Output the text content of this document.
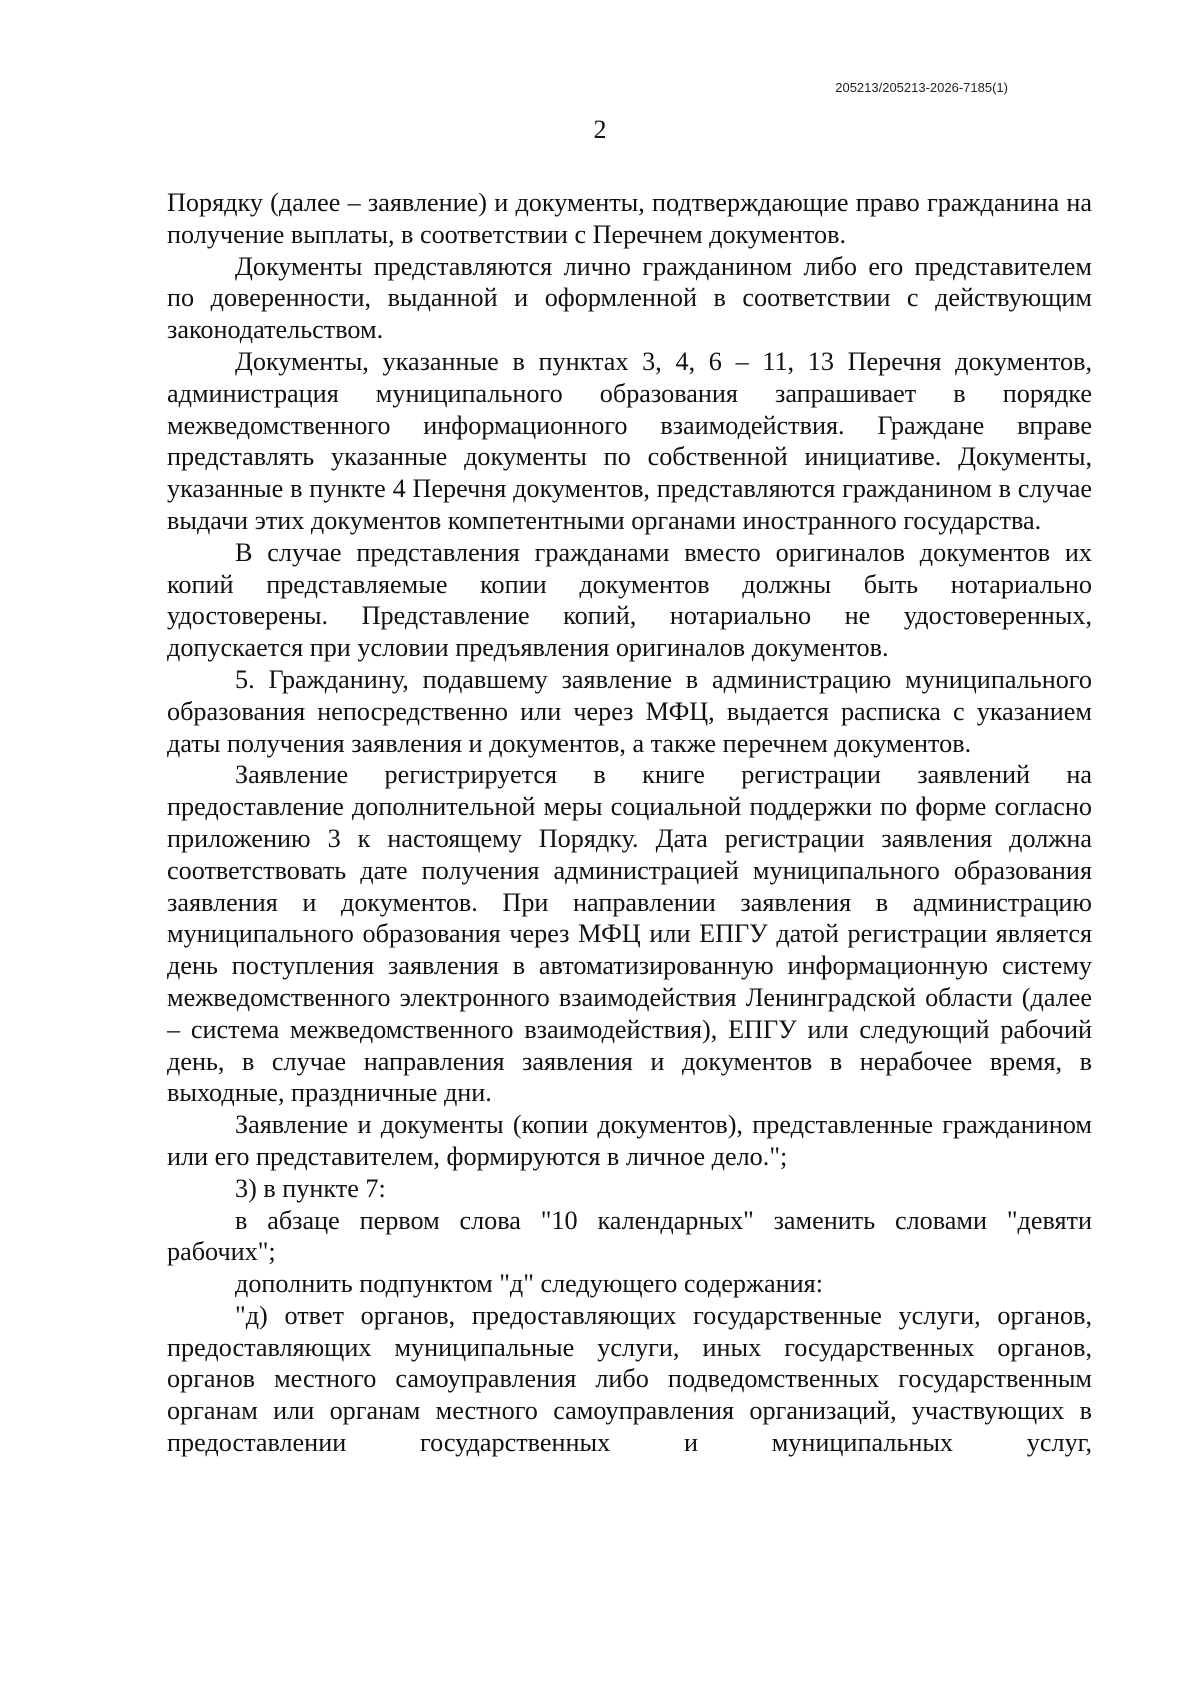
205213/205213-2026-7185(1)
2

Порядку (далее – заявление) и документы, подтверждающие право гражданина на получение выплаты, в соответствии с Перечнем документов.

Документы представляются лично гражданином либо его представителем по доверенности, выданной и оформленной в соответствии с действующим законодательством.

Документы, указанные в пунктах 3, 4, 6 – 11, 13 Перечня документов, администрация муниципального образования запрашивает в порядке межведомственного информационного взаимодействия. Граждане вправе представлять указанные документы по собственной инициативе. Документы, указанные в пункте 4 Перечня документов, представляются гражданином в случае выдачи этих документов компетентными органами иностранного государства.

В случае представления гражданами вместо оригиналов документов их копий представляемые копии документов должны быть нотариально удостоверены. Представление копий, нотариально не удостоверенных, допускается при условии предъявления оригиналов документов.

5. Гражданину, подавшему заявление в администрацию муниципального образования непосредственно или через МФЦ, выдается расписка с указанием даты получения заявления и документов, а также перечнем документов.

Заявление регистрируется в книге регистрации заявлений на предоставление дополнительной меры социальной поддержки по форме согласно приложению 3 к настоящему Порядку. Дата регистрации заявления должна соответствовать дате получения администрацией муниципального образования заявления и документов. При направлении заявления в администрацию муниципального образования через МФЦ или ЕПГУ датой регистрации является день поступления заявления в автоматизированную информационную систему межведомственного электронного взаимодействия Ленинградской области (далее – система межведомственного взаимодействия), ЕПГУ или следующий рабочий день, в случае направления заявления и документов в нерабочее время, в выходные, праздничные дни.

Заявление и документы (копии документов), представленные гражданином или его представителем, формируются в личное дело.";

3) в пункте 7:

в абзаце первом слова "10 календарных" заменить словами "девяти рабочих";

дополнить подпунктом "д" следующего содержания:

"д) ответ органов, предоставляющих государственные услуги, органов, предоставляющих муниципальные услуги, иных государственных органов, органов местного самоуправления либо подведомственных государственным органам или органам местного самоуправления организаций, участвующих в предоставлении государственных и муниципальных услуг,
